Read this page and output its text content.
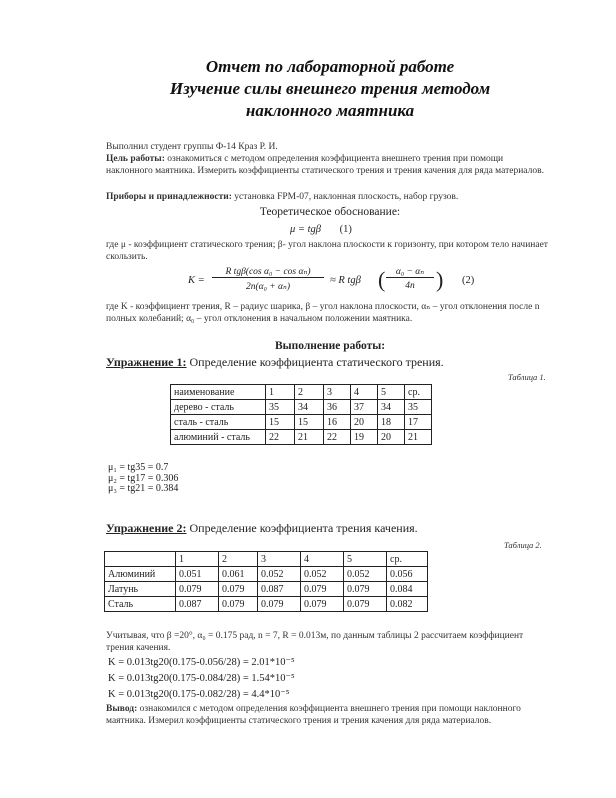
Отчет по лабораторной работе
Изучение силы внешнего трения методом
наклонного маятника
Выполнил студент группы Ф-14 Краз Р. И.
Цель работы: ознакомиться с методом определения коэффициента внешнего трения при помощи наклонного маятника. Измерить коэффициенты статического трения и трения качения для ряда материалов.
Приборы и принадлежности: установка FPM-07, наклонная плоскость, набор грузов.
Теоретическое обоснование:
μ = tgβ (1)
где μ - коэффициент статического трения; β- угол наклона плоскости к горизонту, при котором тело начинает скользить.
K =
R tgβ(cos α₀ − cos αₙ)
2n(α₀ + αₙ)
≈ R tgβ (	α₀ − αₙ
4n ) (2)
где K - коэффициент трения, R – радиус шарика, β – угол наклона плоскости, αₙ – угол отклонения после n полных колебаний; α₀ – угол отклонения в начальном положении маятника.
Выполнение работы:
Упражнение 1: Определение коэффициента статического трения.
Таблица 1.
наименование	1	2	3	4	5	ср.
дерево - сталь	35	34	36	37	34	35
сталь - сталь	15	15	16	20	18	17
алюминий - сталь	22	21	22	19	20	21
μ₁ = tg35 = 0.7
μ₂ = tg17 = 0.306
μ₃ = tg21 = 0.384
Упражнение 2: Определение коэффициента трения качения.
Таблица 2.
	1	2	3	4	5	ср.
Алюминий	0.051	0.061	0.052	0.052	0.052	0.056
Латунь	0.079	0.079	0.087	0.079	0.079	0.084
Сталь	0.087	0.079	0.079	0.079	0.079	0.082
Учитывая, что β =20°, α₀ = 0.175 рад, n = 7, R = 0.013м, по данным таблицы 2 рассчитаем коэффициент трения качения.
K = 0.013tg20(0.175-0.056/28) = 2.01*10⁻⁵
K = 0.013tg20(0.175-0.084/28) = 1.54*10⁻⁵
K = 0.013tg20(0.175-0.082/28) = 4.4*10⁻⁵
Вывод: ознакомился с методом определения коэффициента внешнего трения при помощи наклонного маятника. Измерил коэффициенты статического трения и трения качения для ряда материалов.
